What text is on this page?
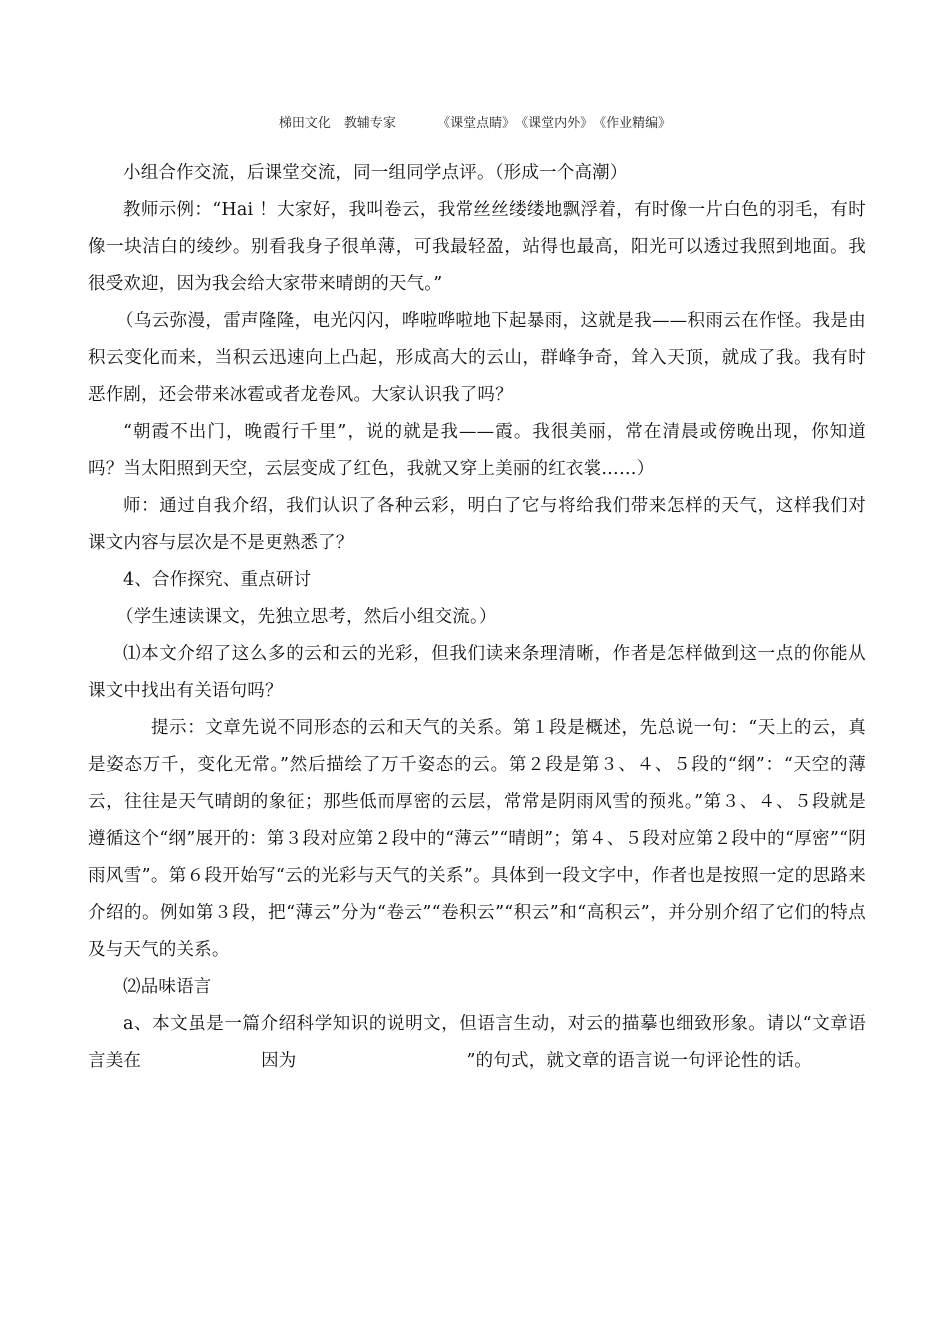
梯田文化　教辅专家	《课堂点睛》　《课堂内外》　《作业精编》

小组合作交流，后课堂交流，同一组同学点评。（形成一个高潮）

教师示例：“Hai ！大家好，我叫卷云，我常丝丝缕缕地飘浮着，有时像一片白色的羽毛，有时像一块洁白的绫纱。别看我身子很单薄，可我最轻盈，站得也最高，阳光可以透过我照到地面。我很受欢迎，因为我会给大家带来晴朗的天气。”

（乌云弥漫，雷声隆隆，电光闪闪，哗啦哗啦地下起暴雨，这就是我——积雨云在作怪。我是由积云变化而来，当积云迅速向上凸起，形成高大的云山，群峰争奇，耸入天顶，就成了我。我有时恶作剧，还会带来冰雹或者龙卷风。大家认识我了吗？

“朝霞不出门，晚霞行千里”，说的就是我——霞。我很美丽，常在清晨或傍晚出现，你知道吗？当太阳照到天空，云层变成了红色，我就又穿上美丽的红衣裳……）

师：通过自我介绍，我们认识了各种云彩，明白了它与将给我们带来怎样的天气，这样我们对课文内容与层次是不是更熟悉了？

4、合作探究、重点研讨

（学生速读课文，先独立思考，然后小组交流。）

⑴本文介绍了这么多的云和云的光彩，但我们读来条理清晰，作者是怎样做到这一点的你能从课文中找出有关语句吗？

提示：文章先说不同形态的云和天气的关系。第１段是概述，先总说一句：“天上的云，真是姿态万千，变化无常。”然后描绘了万千姿态的云。第２段是第３、４、５段的“纲”：“天空的薄云，往往是天气晴朗的象征；那些低而厚密的云层，常常是阴雨风雪的预兆。”第３、４、５段就是遵循这个“纲”展开的：第３段对应第２段中的“薄云”“晴朗”；第４、５段对应第２段中的“厚密”“阴雨风雪”。第６段开始写“云的光彩与天气的关系”。具体到一段文字中，作者也是按照一定的思路来介绍的。例如第３段，把“薄云”分为“卷云”“卷积云”“积云”和“高积云”，并分别介绍了它们的特点及与天气的关系。

⑵品味语言

a、本文虽是一篇介绍科学知识的说明文，但语言生动，对云的描摹也细致形象。请以“文章语言美在	因为	”的句式，就文章的语言说一句评论性的话。
